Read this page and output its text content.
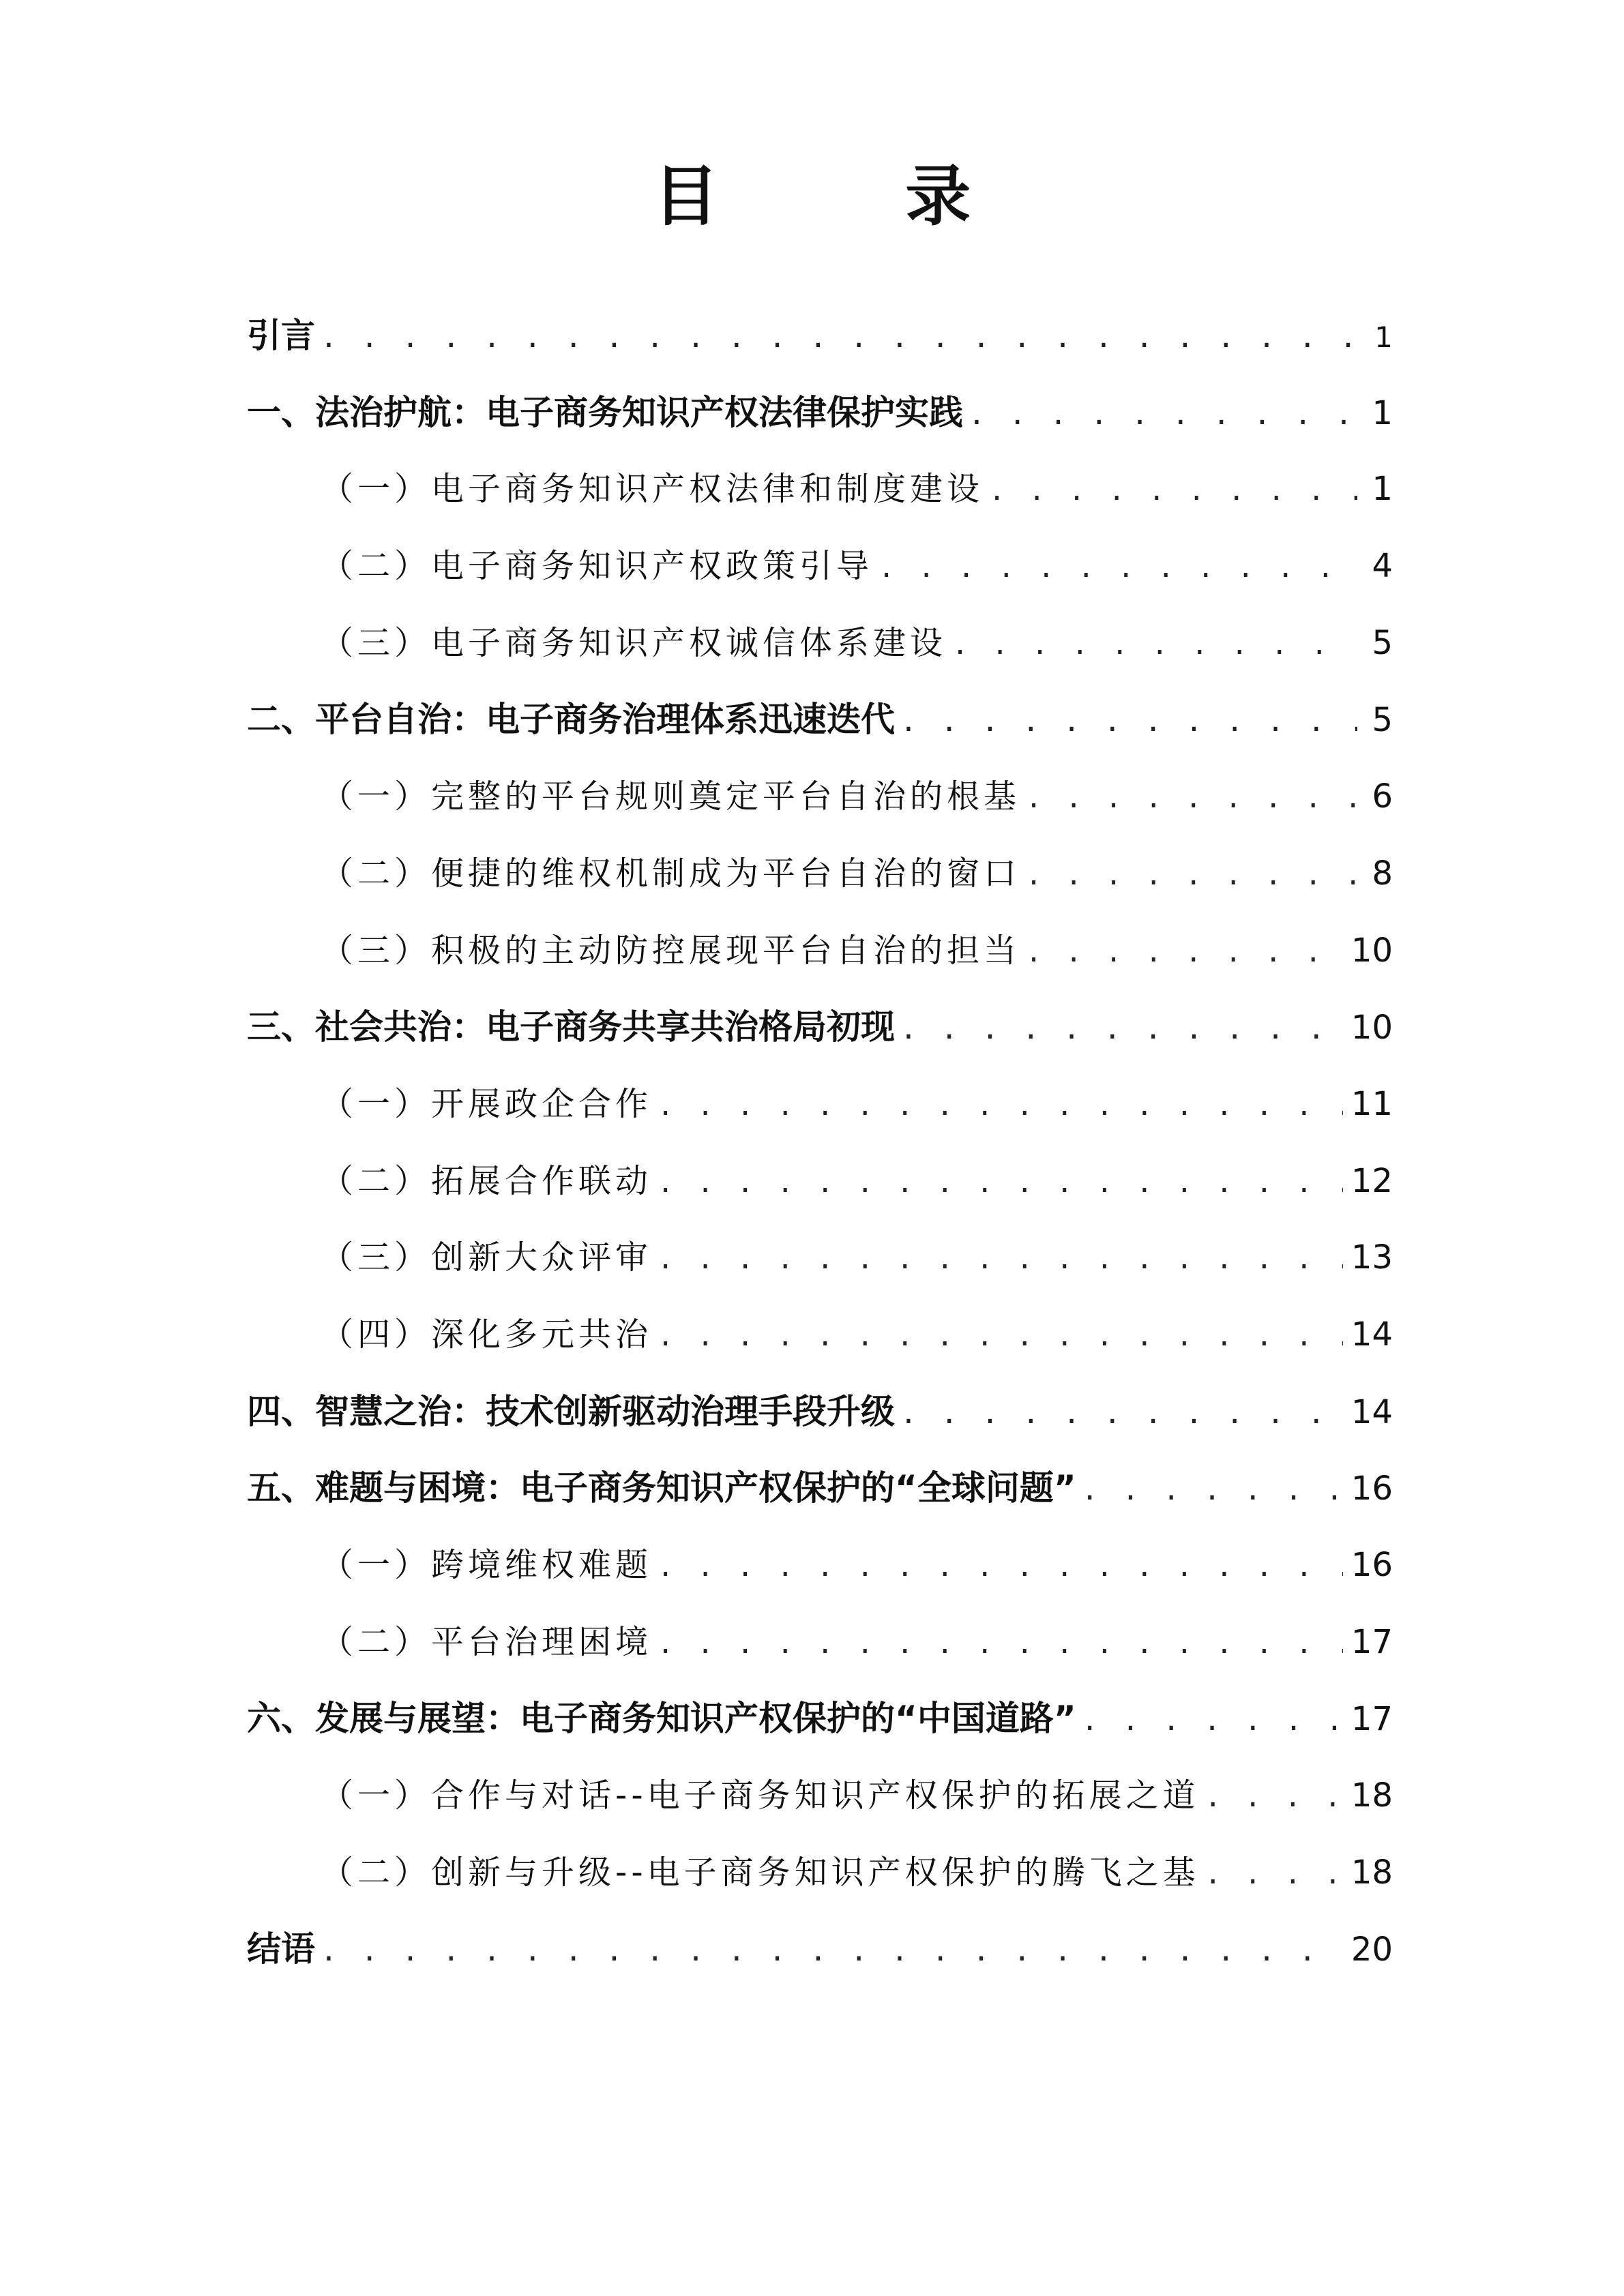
目 录
引言 . . .	1
一、法治护航：电子商务知识产权法律保护实践 . . .	1
（一）电子商务知识产权法律和制度建设 . . .	1
（二）电子商务知识产权政策引导 . . .	4
（三）电子商务知识产权诚信体系建设 . . .	5
二、平台自治：电子商务治理体系迅速迭代 . . .	5
（一）完整的平台规则奠定平台自治的根基 . . .	6
（二）便捷的维权机制成为平台自治的窗口 . . .	8
（三）积极的主动防控展现平台自治的担当 . . .	10
三、社会共治：电子商务共享共治格局初现 . . .	10
（一）开展政企合作 . . .	11
（二）拓展合作联动 . . .	12
（三）创新大众评审 . . .	13
（四）深化多元共治 . . .	14
四、智慧之治：技术创新驱动治理手段升级 . . .	14
五、难题与困境：电子商务知识产权保护的“全球问题” . . .	16
（一）跨境维权难题 . . .	16
（二）平台治理困境 . . .	17
六、发展与展望：电子商务知识产权保护的“中国道路” . . .	17
（一）合作与对话--电子商务知识产权保护的拓展之道 . . .	18
（二）创新与升级--电子商务知识产权保护的腾飞之基 . . .	18
结语 . . .	20
